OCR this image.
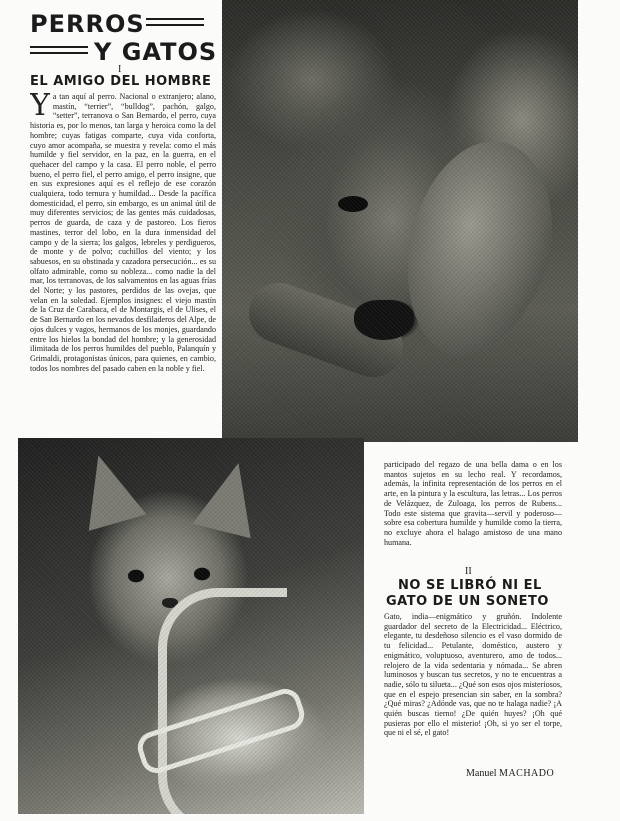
PERROS
Y GATOS
I
EL AMIGO DEL HOMBRE
Y a tan aquí al perro. Nacional o extranjero; alano, mastín, “terrier”, “bulldog”, pachón, galgo, “setter”, terranova o San Bernardo, el perro, cuya historia es, por lo menos, tan larga y heroica como la del hombre; cuyas fatigas comparte, cuya vida conforta, cuyo amor acompaña, se muestra y revela: como el más humilde y fiel servidor, en la paz, en la guerra, en el quehacer del campo y la casa. El perro noble, el perro bueno, el perro fiel, el perro amigo, el perro insigne, que en sus expresiones aquí es el reflejo de ese corazón cualquiera, todo ternura y humildad... Desde la pacífica domesticidad, el perro, sin embargo, es un animal útil de muy diferentes servicios; de las gentes más cuidadosas, perros de guarda, de caza y de pastoreo. Los fieros mastines, terror del lobo, en la dura inmensidad del campo y de la sierra; los galgos, lebreles y perdigueros, de monte y de polvo; cuchillos del viento; y los sabuesos, en su obstinada y cazadora persecución... es su olfato admirable, como su nobleza... como nadie la del mar, los terranovas, de los salvamentos en las aguas frías del Norte; y los pastores, perdidos de las ovejas, que velan en la soledad. Ejemplos insignes: el viejo mastín de la Cruz de Carabaca, el de Montargis, el de Ulises, el de San Bernardo en los nevados desfiladeros del Alpe, de ojos dulces y vagos, hermanos de los monjes, guardando entre los hielos la bondad del hombre; y la generosidad ilimitada de los perros humildes del pueblo, Palanquín y Grimaldi, protagonistas únicos, para quienes, en cambio, todos los nombres del pasado caben en la noble y fiel.
participado del regazo de una bella dama o en los mantos sujetos en su lecho real. Y recordamos, además, la infinita representación de los perros en el arte, en la pintura y la escultura, las letras... Los perros de Velázquez, de Zuloaga, los perros de Rubens... Todo este sistema que gravita—servil y poderoso—sobre esa cobertura humilde y humilde como la tierra, no excluye ahora el halago amistoso de una mano humana.
II
NO SE LIBRÓ NI EL
GATO DE UN SONETO
Gato, india—enigmático y gruñón. Indolente guardador del secreto de la Electricidad... Eléctrico, elegante, tu desdeñoso silencio es el vaso dormido de tu felicidad... Petulante, doméstico, austero y enigmático, voluptuoso, aventurero, amo de todos... relojero de la vida sedentaria y nómada... Se abren luminosos y buscan tus secretos, y no te encuentras a nadie, sólo tu silueta... ¿Qué son esos ojos misteriosos, que en el espejo presencian sin saber, en la sombra? ¿Qué miras? ¿Adónde vas, que no te halaga nadie? ¡A quién buscas tierno! ¿De quién huyes? ¡Oh qué pusieras por ello el misterio! ¡Oh, si yo ser el torpe, que ni el sé, el gato!
Manuel MACHADO
